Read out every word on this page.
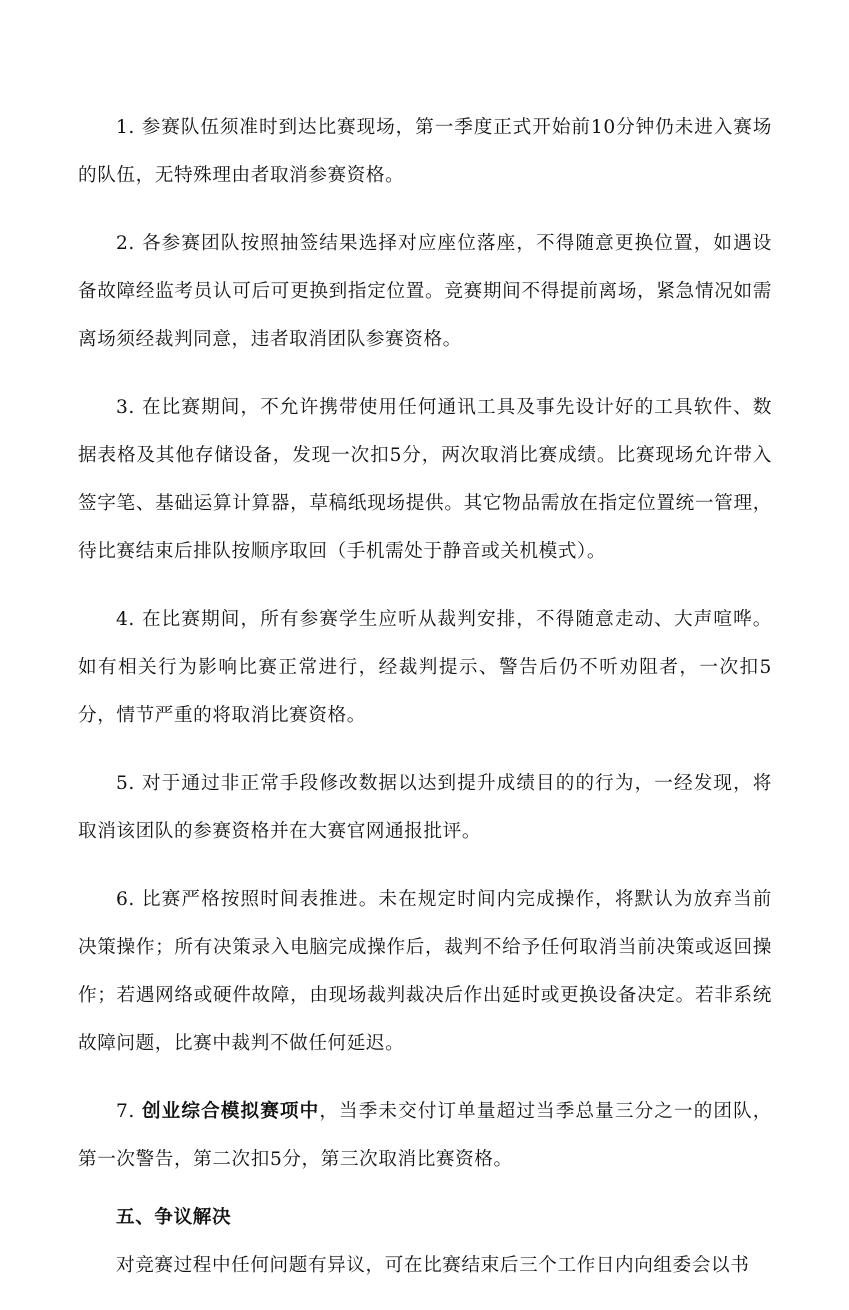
1. 参赛队伍须准时到达比赛现场，第一季度正式开始前10分钟仍未进入赛场的队伍，无特殊理由者取消参赛资格。

2. 各参赛团队按照抽签结果选择对应座位落座，不得随意更换位置，如遇设备故障经监考员认可后可更换到指定位置。竞赛期间不得提前离场，紧急情况如需离场须经裁判同意，违者取消团队参赛资格。

3. 在比赛期间，不允许携带使用任何通讯工具及事先设计好的工具软件、数据表格及其他存储设备，发现一次扣5分，两次取消比赛成绩。比赛现场允许带入签字笔、基础运算计算器，草稿纸现场提供。其它物品需放在指定位置统一管理，待比赛结束后排队按顺序取回（手机需处于静音或关机模式）。

4. 在比赛期间，所有参赛学生应听从裁判安排，不得随意走动、大声喧哗。如有相关行为影响比赛正常进行，经裁判提示、警告后仍不听劝阻者，一次扣5分，情节严重的将取消比赛资格。

5. 对于通过非正常手段修改数据以达到提升成绩目的的行为，一经发现，将取消该团队的参赛资格并在大赛官网通报批评。

6. 比赛严格按照时间表推进。未在规定时间内完成操作，将默认为放弃当前决策操作；所有决策录入电脑完成操作后，裁判不给予任何取消当前决策或返回操作；若遇网络或硬件故障，由现场裁判裁决后作出延时或更换设备决定。若非系统故障问题，比赛中裁判不做任何延迟。

7. 创业综合模拟赛项中，当季未交付订单量超过当季总量三分之一的团队，第一次警告，第二次扣5分，第三次取消比赛资格。

五、争议解决

对竞赛过程中任何问题有异议，可在比赛结束后三个工作日内向组委会以书
